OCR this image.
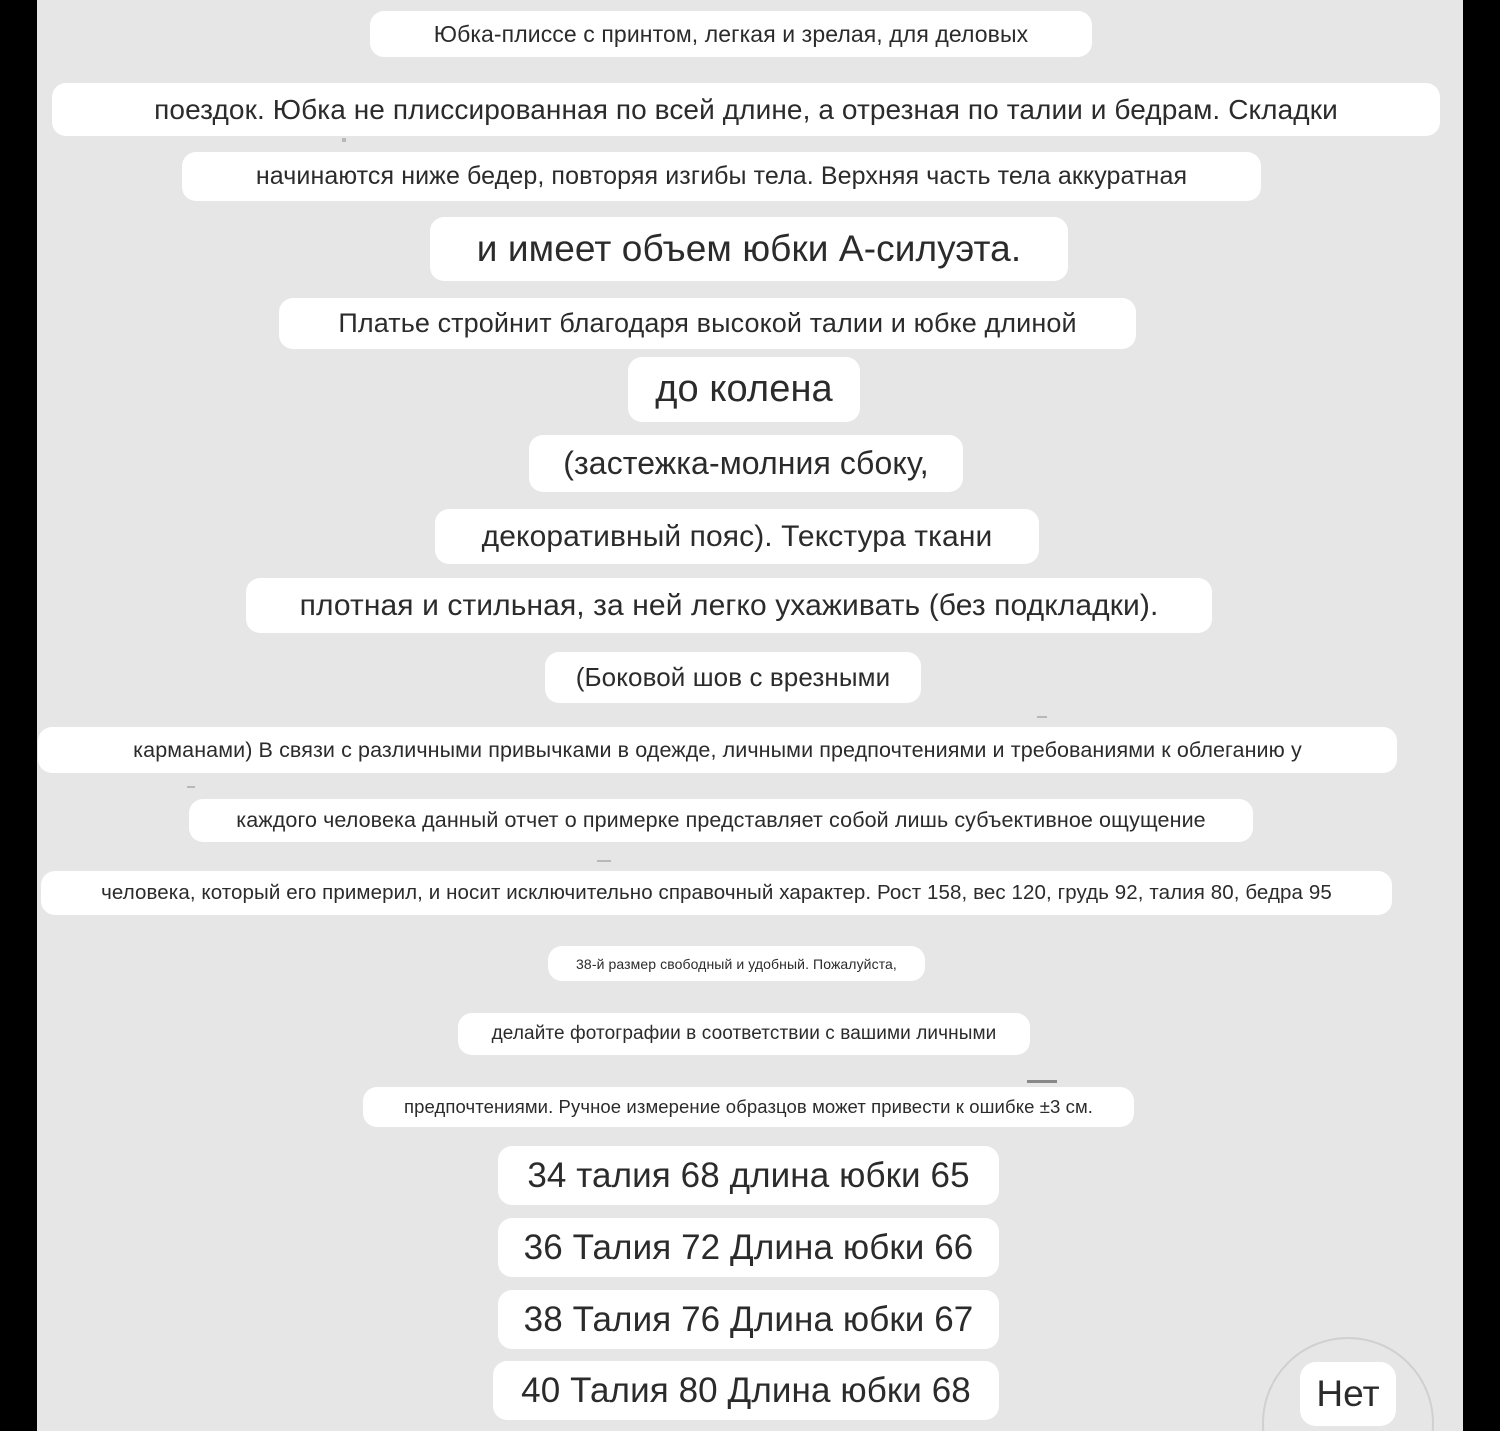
Юбка-плиссе с принтом, легкая и зрелая, для деловых
поездок. Юбка не плиссированная по всей длине, а отрезная по талии и бедрам. Складки
начинаются ниже бедер, повторяя изгибы тела. Верхняя часть тела аккуратная
и имеет объем юбки А-силуэта.
Платье стройнит благодаря высокой талии и юбке длиной
до колена
(застежка-молния сбоку,
декоративный пояс). Текстура ткани
плотная и стильная, за ней легко ухаживать (без подкладки).
(Боковой шов с врезными
карманами) В связи с различными привычками в одежде, личными предпочтениями и требованиями к облеганию у
каждого человека данный отчет о примерке представляет собой лишь субъективное ощущение
человека, который его примерил, и носит исключительно справочный характер. Рост 158, вес 120, грудь 92, талия 80, бедра 95
38-й размер свободный и удобный. Пожалуйста,
делайте фотографии в соответствии с вашими личными
предпочтениями. Ручное измерение образцов может привести к ошибке ±3 см.
34 талия 68 длина юбки 65
36 Талия 72 Длина юбки 66
38 Талия 76 Длина юбки 67
40 Талия 80 Длина юбки 68	Нет
